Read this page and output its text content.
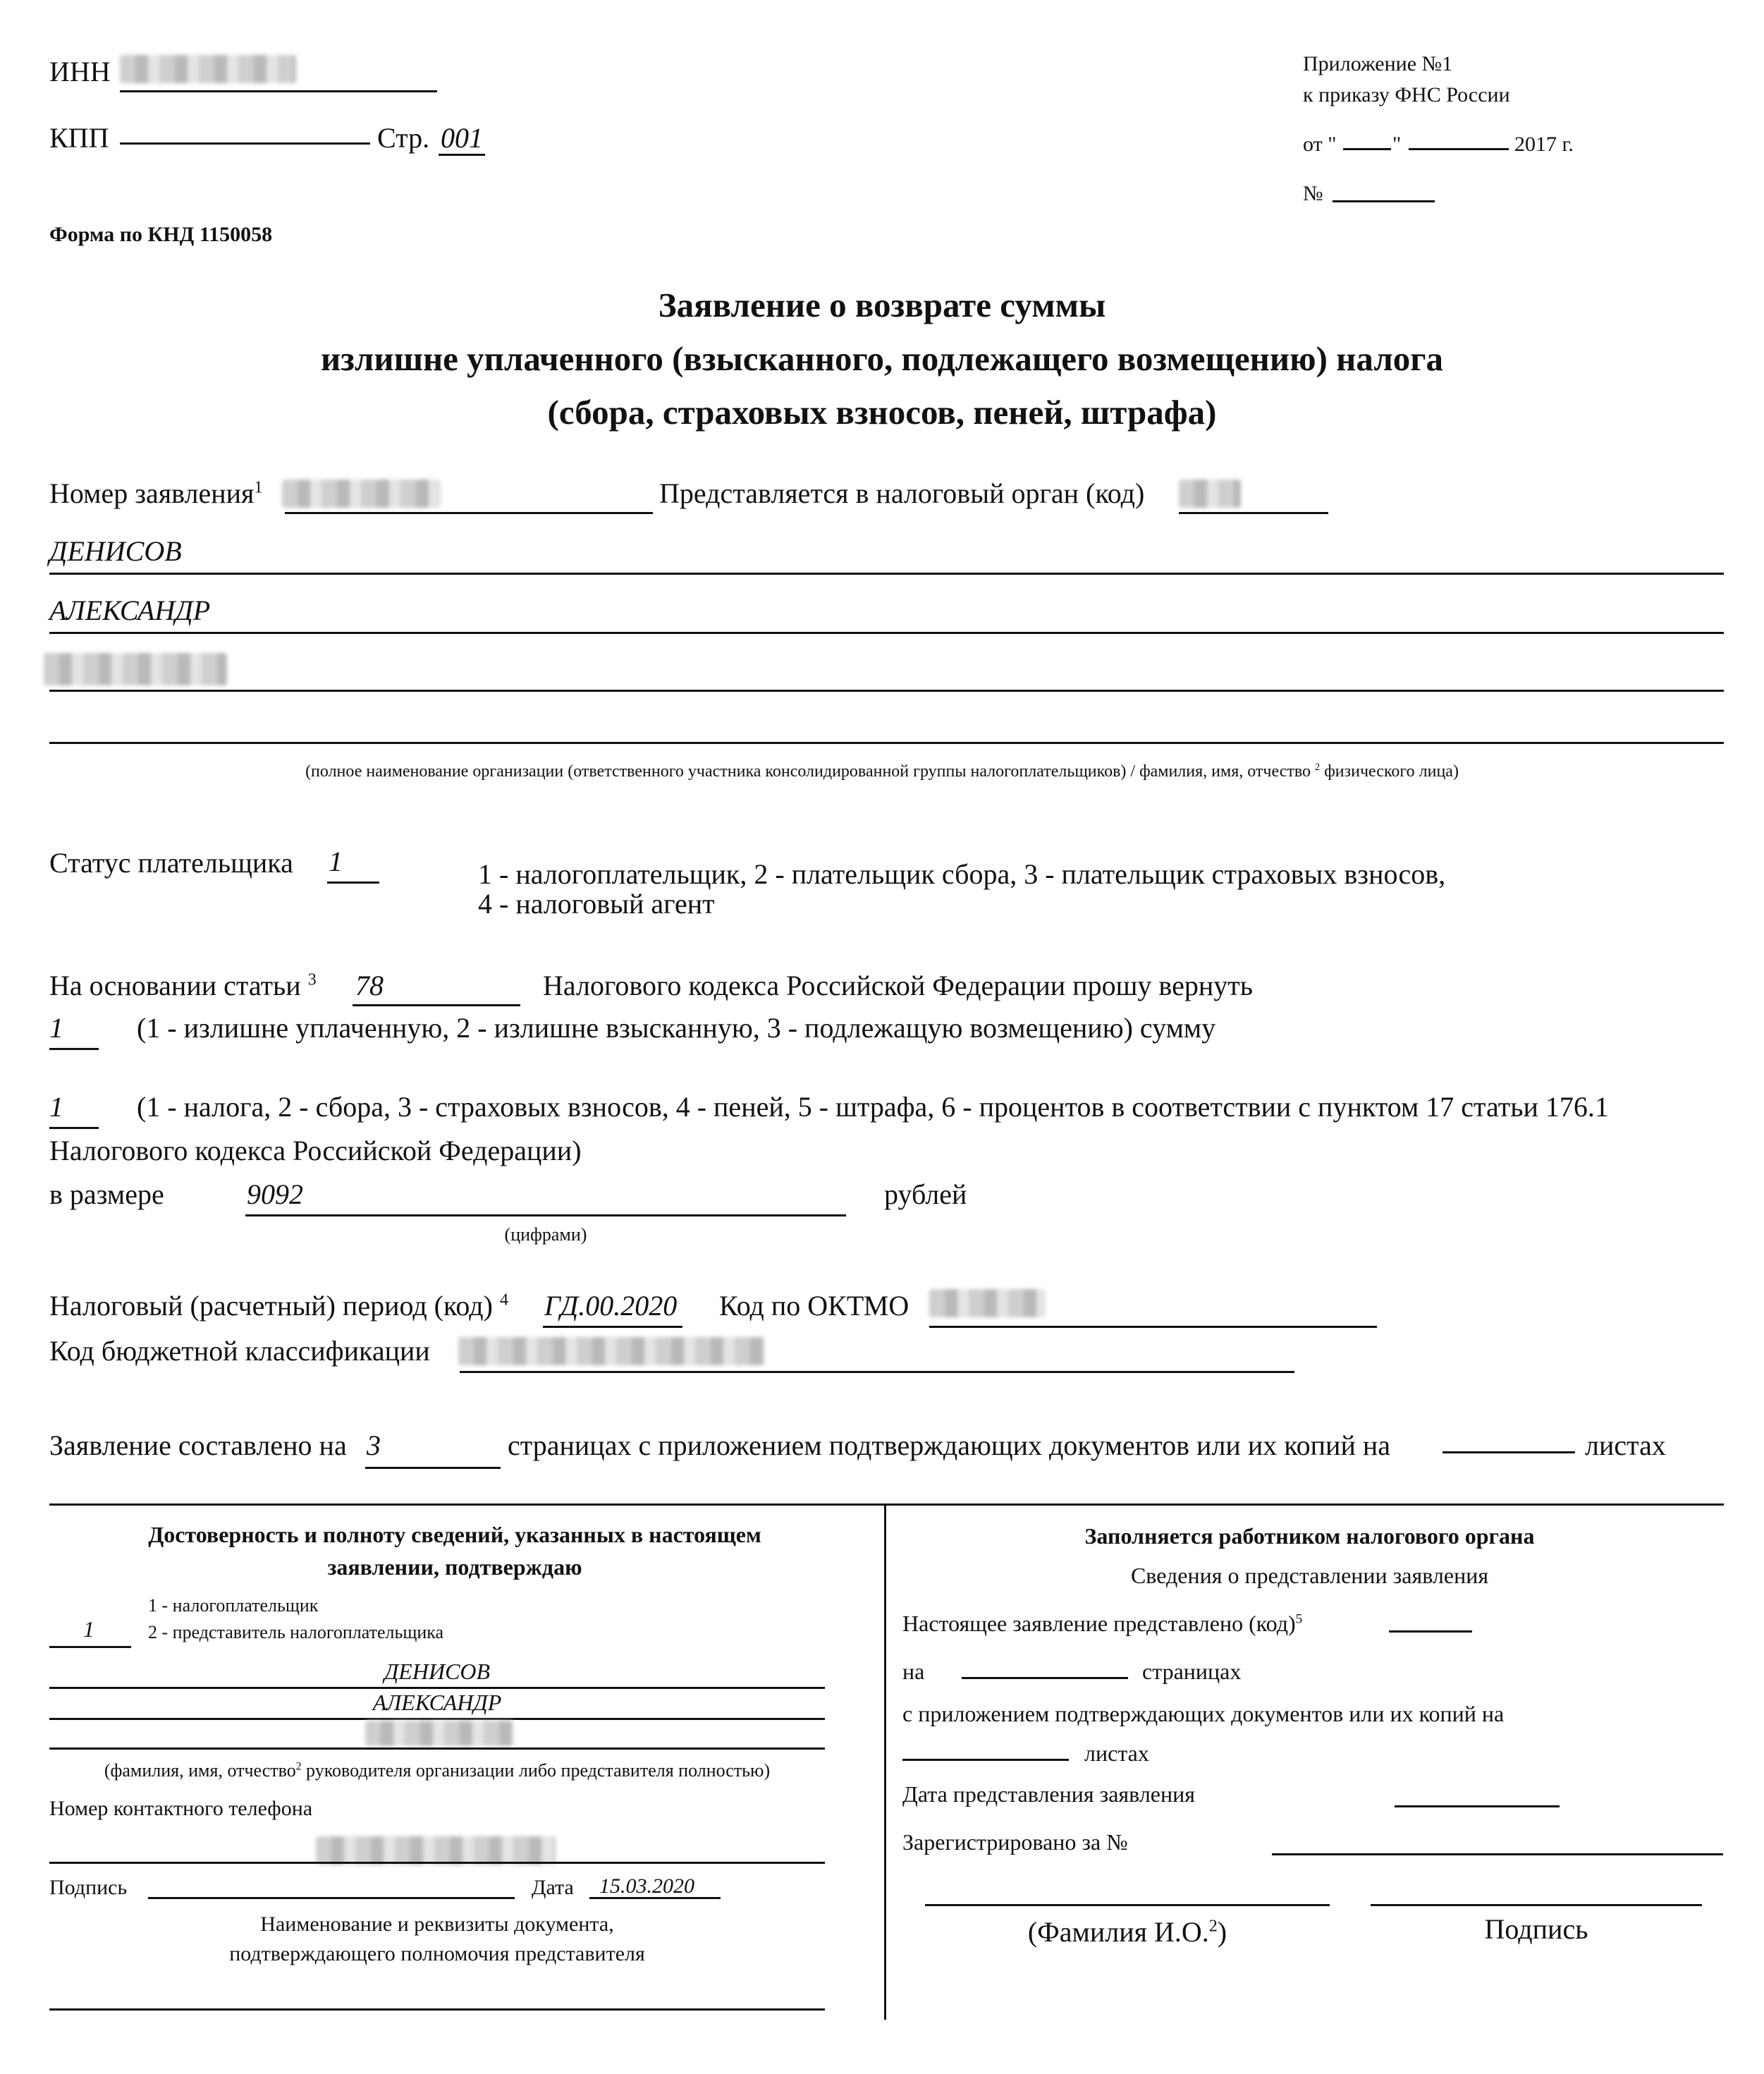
ИНН
КПП	Стр. 001
Форма по КНД 1150058
Приложение №1
к приказу ФНС России
от "	"	2017 г.
№
Заявление о возврате суммы
излишне уплаченного (взысканного, подлежащего возмещению) налога
(сбора, страховых взносов, пеней, штрафа)
Номер заявления$^1$	Представляется в налоговый орган (код)
ДЕНИСОВ
АЛЕКСАНДР
(полное наименование организации (ответственного участника консолидированной группы налогоплательщиков) / фамилия, имя, отчество $^2$ физического лица)
Статус плательщика 1	1 - налогоплательщик, 2 - плательщик сбора, 3 - плательщик страховых взносов,
4 - налоговый агент
На основании статьи $^3$ 78	Налогового кодекса Российской Федерации прошу вернуть
1	(1 - излишне уплаченную, 2 - излишне взысканную, 3 - подлежащую возмещению) сумму
1	(1 - налога, 2 - сбора, 3 - страховых взносов, 4 - пеней, 5 - штрафа, 6 - процентов в соответствии с пунктом 17 статьи 176.1
Налогового кодекса Российской Федерации)
в размере	9092	рублей
(цифрами)
Налоговый (расчетный) период (код) $^4$ ГД.00.2020 Код по ОКТМО
Код бюджетной классификации
Заявление составлено на 3	страницах с приложением подтверждающих документов или их копий на	листах
Достоверность и полноту сведений, указанных в настоящем
заявлении, подтверждаю
1 - налогоплательщик
1	2 - представитель налогоплательщика
ДЕНИСОВ
АЛЕКСАНДР
(фамилия, имя, отчество$^2$ руководителя организации либо представителя полностью)
Номер контактного телефона
Подпись	Дата 15.03.2020
Наименование и реквизиты документа,
подтверждающего полномочия представителя
Заполняется работником налогового органа
Сведения о представлении заявления
Настоящее заявление представлено (код)$^5$
на	страницах
с приложением подтверждающих документов или их копий на
листах
Дата представления заявления
Зарегистрировано за №
(Фамилия И.О.$^2$)	Подпись
